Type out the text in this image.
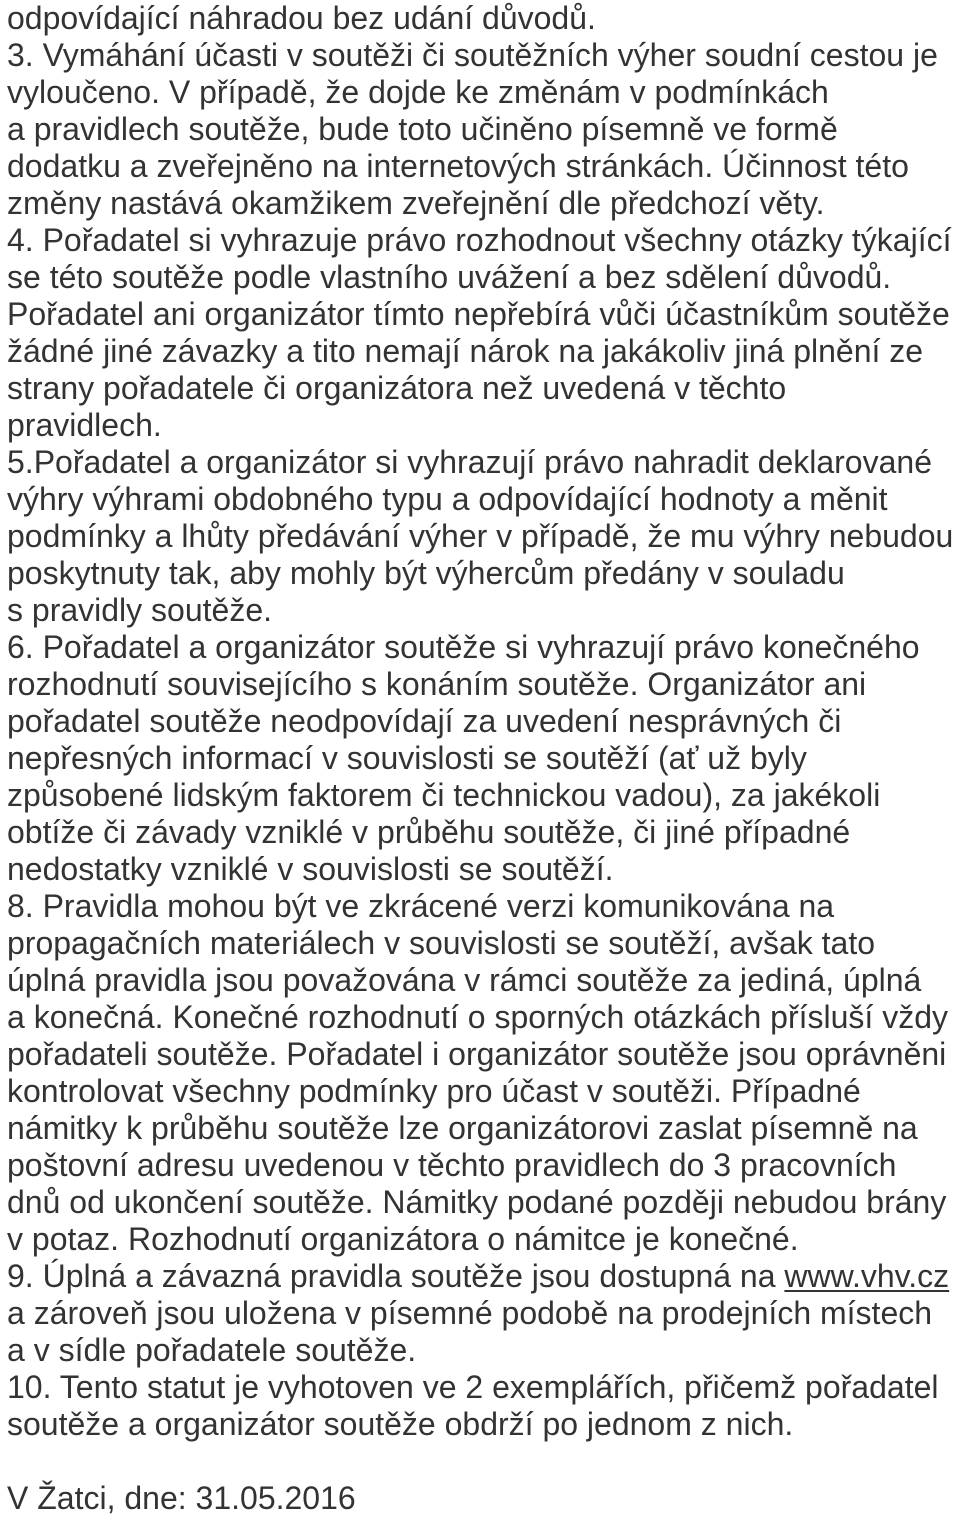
odpovídající náhradou bez udání důvodů.
3. Vymáhání účasti v soutěži či soutěžních výher soudní cestou je
vyloučeno. V případě, že dojde ke změnám v podmínkách
a pravidlech soutěže, bude toto učiněno písemně ve formě
dodatku a zveřejněno na internetových stránkách. Účinnost této
změny nastává okamžikem zveřejnění dle předchozí věty.
4. Pořadatel si vyhrazuje právo rozhodnout všechny otázky týkající
se této soutěže podle vlastního uvážení a bez sdělení důvodů.
Pořadatel ani organizátor tímto nepřebírá vůči účastníkům soutěže
žádné jiné závazky a tito nemají nárok na jakákoliv jiná plnění ze
strany pořadatele či organizátora než uvedená v těchto
pravidlech.
5.Pořadatel a organizátor si vyhrazují právo nahradit deklarované
výhry výhrami obdobného typu a odpovídající hodnoty a měnit
podmínky a lhůty předávání výher v případě, že mu výhry nebudou
poskytnuty tak, aby mohly být výhercům předány v souladu
s pravidly soutěže.
6. Pořadatel a organizátor soutěže si vyhrazují právo konečného
rozhodnutí souvisejícího s konáním soutěže. Organizátor ani
pořadatel soutěže neodpovídají za uvedení nesprávných či
nepřesných informací v souvislosti se soutěží (ať už byly
způsobené lidským faktorem či technickou vadou), za jakékoli
obtíže či závady vzniklé v průběhu soutěže, či jiné případné
nedostatky vzniklé v souvislosti se soutěží.
8. Pravidla mohou být ve zkrácené verzi komunikována na
propagačních materiálech v souvislosti se soutěží, avšak tato
úplná pravidla jsou považována v rámci soutěže za jediná, úplná
a konečná. Konečné rozhodnutí o sporných otázkách přísluší vždy
pořadateli soutěže. Pořadatel i organizátor soutěže jsou oprávněni
kontrolovat všechny podmínky pro účast v soutěži. Případné
námitky k průběhu soutěže lze organizátorovi zaslat písemně na
poštovní adresu uvedenou v těchto pravidlech do 3 pracovních
dnů od ukončení soutěže. Námitky podané později nebudou brány
v potaz. Rozhodnutí organizátora o námitce je konečné.
9. Úplná a závazná pravidla soutěže jsou dostupná na www.vhv.cz
a zároveň jsou uložena v písemné podobě na prodejních místech
a v sídle pořadatele soutěže.
10. Tento statut je vyhotoven ve 2 exemplářích, přičemž pořadatel
soutěže a organizátor soutěže obdrží po jednom z nich.
V Žatci, dne: 31.05.2016
